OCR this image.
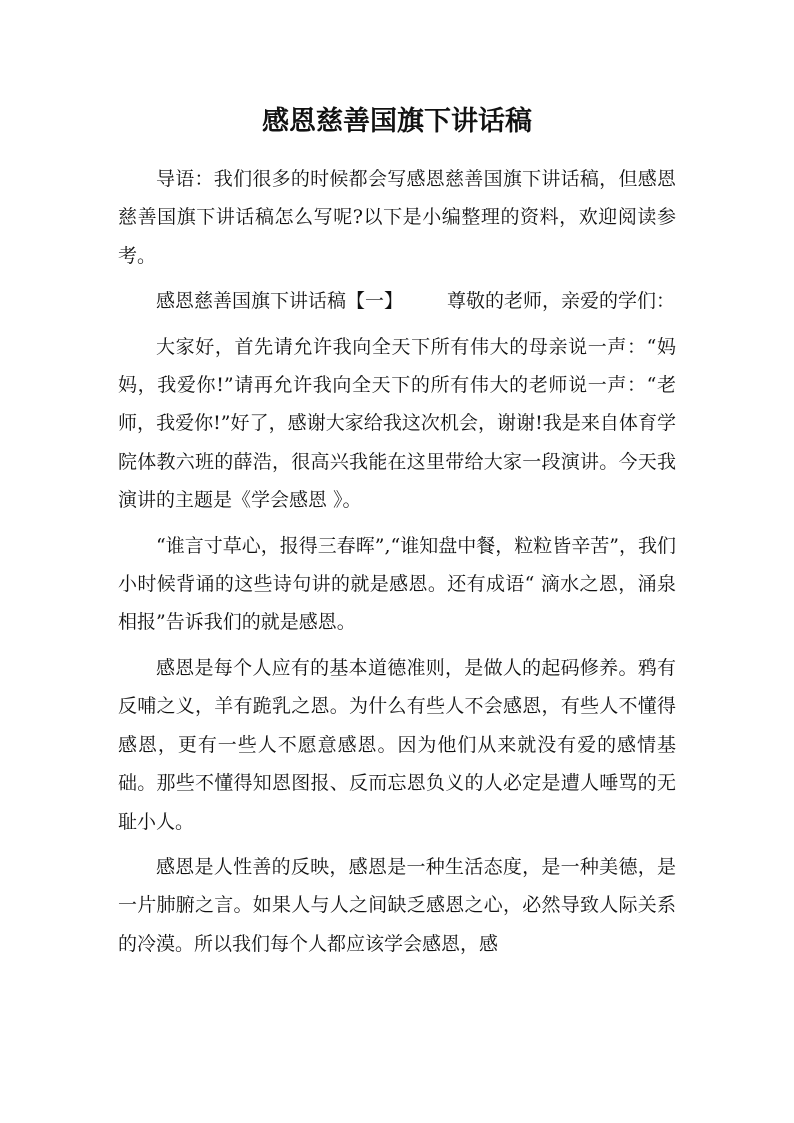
感恩慈善国旗下讲话稿

导语：我们很多的时候都会写感恩慈善国旗下讲话稿，但感恩慈善国旗下讲话稿怎么写呢?以下是小编整理的资料，欢迎阅读参考。

感恩慈善国旗下讲话稿【一】 尊敬的老师，亲爱的学们：

大家好，首先请允许我向全天下所有伟大的母亲说一声：“妈妈，我爱你!”请再允许我向全天下的所有伟大的老师说一声：“老师，我爱你!”好了，感谢大家给我这次机会，谢谢!我是来自体育学院体教六班的薛浩，很高兴我能在这里带给大家一段演讲。今天我演讲的主题是《学会感恩 》。

“谁言寸草心，报得三春晖”,“谁知盘中餐，粒粒皆辛苦”，我们小时候背诵的这些诗句讲的就是感恩。还有成语“ 滴水之恩，涌泉相报”告诉我们的就是感恩。

感恩是每个人应有的基本道德准则，是做人的起码修养。鸦有反哺之义，羊有跪乳之恩。为什么有些人不会感恩，有些人不懂得感恩，更有一些人不愿意感恩。因为他们从来就没有爱的感情基础。那些不懂得知恩图报、反而忘恩负义的人必定是遭人唾骂的无耻小人。

感恩是人性善的反映，感恩是一种生活态度，是一种美德，是一片肺腑之言。如果人与人之间缺乏感恩之心，必然导致人际关系的冷漠。所以我们每个人都应该学会感恩，感
